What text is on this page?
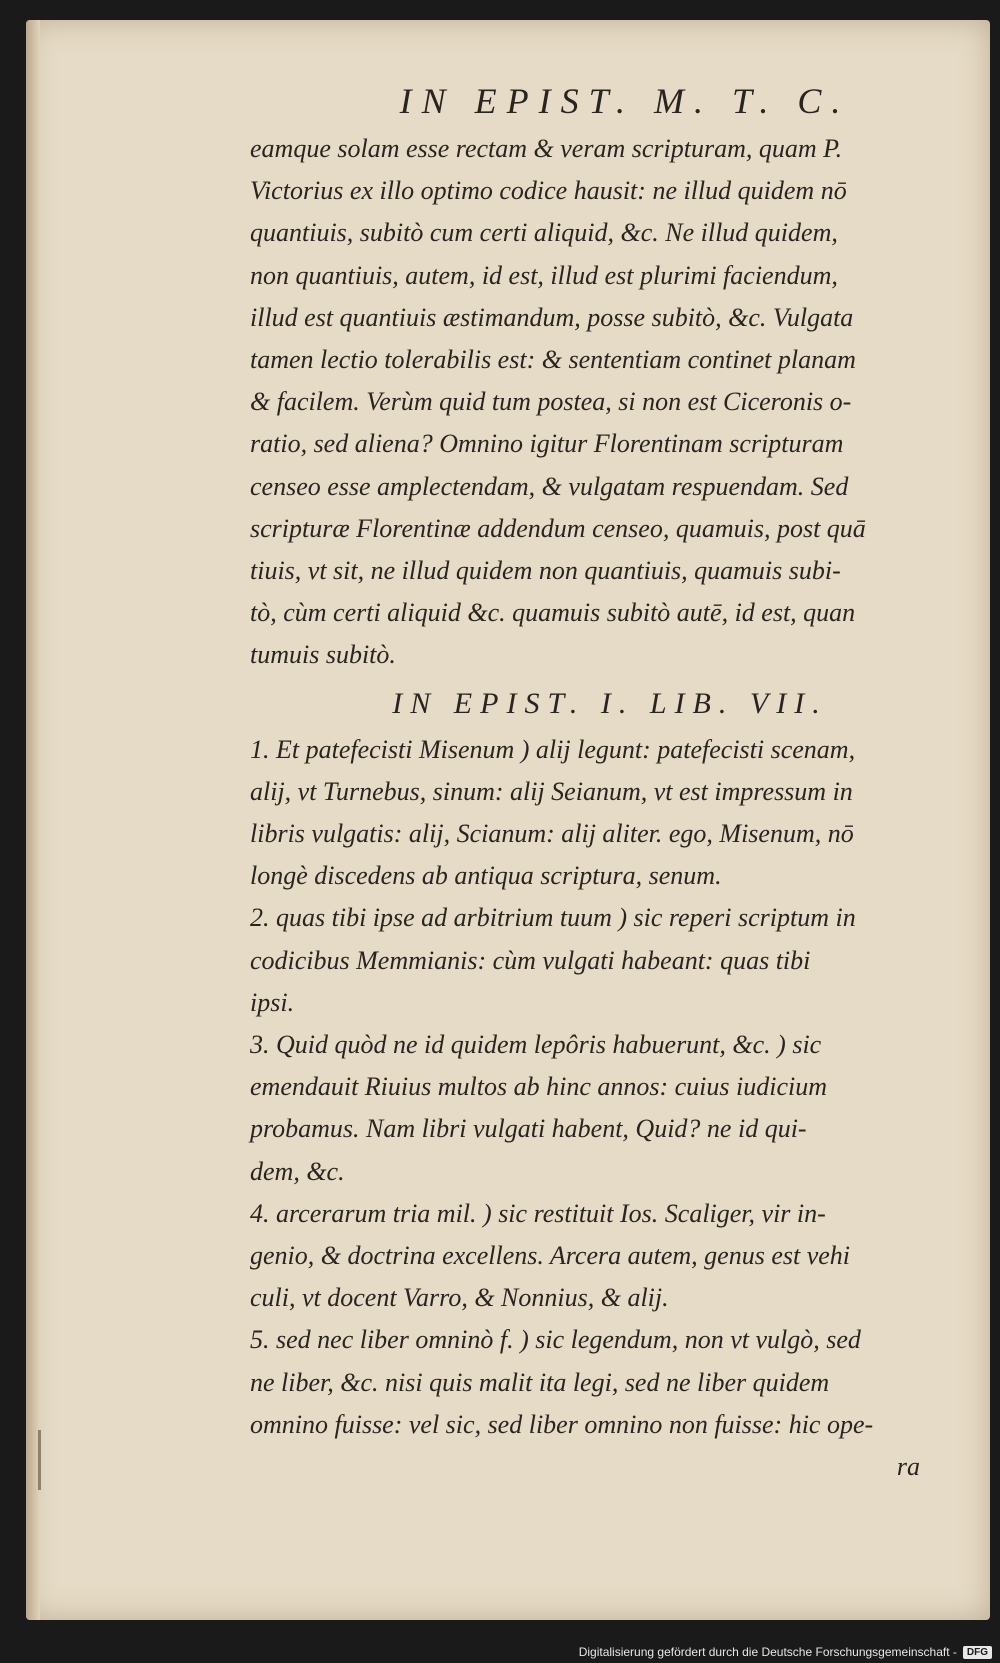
IN EPIST. M. T. C.
eamque solam esse rectam & veram scripturam, quam P.
Victorius ex illo optimo codice hausit: ne illud quidem nō
quantiuis, subitò cum certi aliquid, &c. Ne illud quidem,
non quantiuis, autem, id est, illud est plurimi faciendum,
illud est quantiuis æstimandum, posse subitò, &c. Vulgata
tamen lectio tolerabilis est: & sententiam continet planam
& facilem. Verùm quid tum postea, si non est Ciceronis o-
ratio, sed aliena? Omnino igitur Florentinam scripturam
censeo esse amplectendam, & vulgatam respuendam. Sed
scripturæ Florentinæ addendum censeo, quamuis, post quā
tiuis, vt sit, ne illud quidem non quantiuis, quamuis subi-
tò, cùm certi aliquid &c. quamuis subitò autē, id est, quan
tumuis subitò.
IN EPIST. I. LIB. VII.
1. Et patefecisti Misenum ) alij legunt: patefecisti scenam,
alij, vt Turnebus, sinum: alij Seianum, vt est impressum in
libris vulgatis: alij, Scianum: alij aliter. ego, Misenum, nō
longè discedens ab antiqua scriptura, senum.
2. quas tibi ipse ad arbitrium tuum ) sic reperi scriptum in
codicibus Memmianis: cùm vulgati habeant: quas tibi
ipsi.
3. Quid quòd ne id quidem lepôris habuerunt, &c. ) sic
emendauit Riuius multos ab hinc annos: cuius iudicium
probamus. Nam libri vulgati habent, Quid? ne id qui-
dem, &c.
4. arcerarum tria mil. ) sic restituit Ios. Scaliger, vir in-
genio, & doctrina excellens. Arcera autem, genus est vehi
culi, vt docent Varro, & Nonnius, & alij.
5. sed nec liber omninò f. ) sic legendum, non vt vulgò, sed
ne liber, &c. nisi quis malit ita legi, sed ne liber quidem
omnino fuisse: vel sic, sed liber omnino non fuisse: hic ope-
ra
Digitalisierung gefördert durch die Deutsche Forschungsgemeinschaft -	DFG
